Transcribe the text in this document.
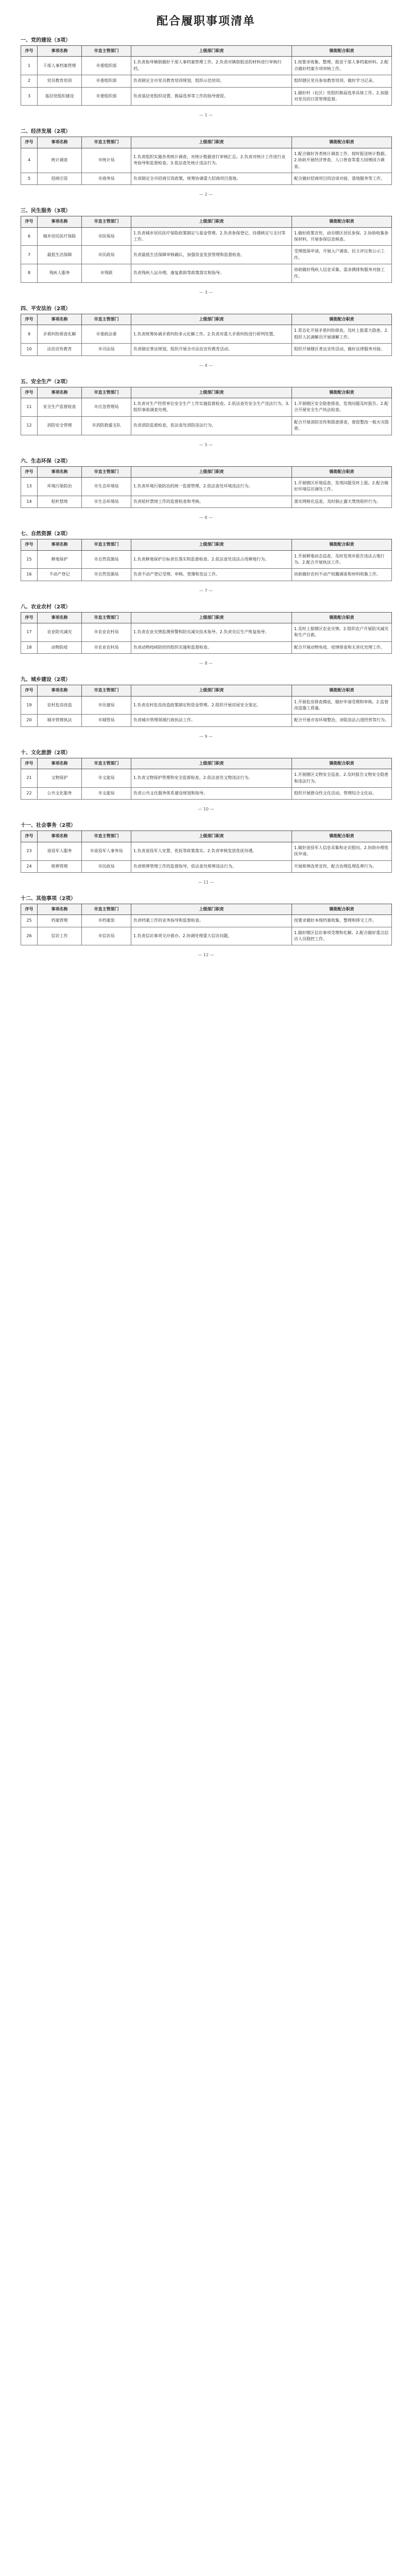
配合履职事项清单
一、党的建设（3项）
序号	事项名称	市直主管部门	上级部门职责	镇街配合职责
1	干部人事档案管理	市委组织部	1.负责指导镇街做好干部人事档案管理工作。2.负责对镇街报送的材料进行审核归档。	1.按要求收集、整理、报送干部人事档案材料。2.配合做好档案专项审核工作。
2	党员教育培训	市委组织部	负责制定全市党员教育培训规划，组织示范培训。	组织辖区党员参加教育培训，做好学习记录。
3	基层党组织建设	市委组织部	负责基层党组织设置、换届选举等工作的指导督促。	1.做好村（社区）党组织换届选举具体工作。2.加强对党员的日常管理监督。
— 1 —
二、经济发展（2项）
序号	事项名称	市直主管部门	上级部门职责	镇街配合职责
4	统计调查	市统计局	1.负责组织实施各类统计调查，对统计数据进行审核汇总。2.负责对统计工作进行业务指导和监督检查。3.依法查处统计违法行为。	1.配合做好各类统计调查工作，按时报送统计数据。2.协助开展经济普查、人口普查等重大国情国力调查。
5	招商引资	市商务局	负责制定全市招商引资政策，统筹协调重大招商项目落地。	配合做好招商项目的洽谈对接、落地服务等工作。
— 2 —
三、民生服务（3项）
序号	事项名称	市直主管部门	上级部门职责	镇街配合职责
6	城乡居民医疗保险	市医保局	1.负责城乡居民医疗保险政策制定与基金管理。2.负责参保登记、待遇核定与支付等工作。	1.做好政策宣传，动员辖区居民参保。2.协助收集参保材料，开展参保信息核查。
7	最低生活保障	市民政局	负责最低生活保障审核确认，加强资金发放管理和监督检查。	受理低保申请，开展入户调查、民主评议和公示工作。
8	残疾人服务	市残联	负责残疾人证办理、康复救助等政策落实和指导。	协助做好残疾人信息采集、需求摸排和服务对接工作。
— 3 —
四、平安法治（2项）
序号	事项名称	市直主管部门	上级部门职责	镇街配合职责
9	矛盾纠纷排查化解	市委政法委	1.负责统筹协调矛盾纠纷多元化解工作。2.负责对重大矛盾纠纷进行研判处置。	1.常态化开展矛盾纠纷排查，及时上报重大隐患。2.组织人民调解员开展调解工作。
10	法治宣传教育	市司法局	负责制定普法规划，组织开展全市法治宣传教育活动。	组织开展辖区普法宣传活动，做好法律服务对接。
— 4 —
五、安全生产（2项）
序号	事项名称	市直主管部门	上级部门职责	镇街配合职责
11	安全生产监督检查	市应急管理局	1.负责对生产经营单位安全生产工作实施监督检查。2.依法查处安全生产违法行为。3.组织事故调查处理。	1.开展辖区安全隐患排查，发现问题及时报告。2.配合开展安全生产执法检查。
12	消防安全管理	市消防救援支队	负责消防监督检查，依法查处消防违法行为。	配合开展消防宣传和隐患排查，督促整改一般火灾隐患。
— 5 —
六、生态环保（2项）
序号	事项名称	市直主管部门	上级部门职责	镇街配合职责
13	环境污染防治	市生态环境局	1.负责环境污染防治的统一监督管理。2.依法查处环境违法行为。	1.开展辖区环境巡查，发现问题及时上报。2.配合做好环境信访调处工作。
14	秸秆禁烧	市生态环境局	负责秸秆禁烧工作的监督检查和考核。	落实网格化巡查，及时制止露天焚烧秸秆行为。
— 6 —
七、自然资源（2项）
序号	事项名称	市直主管部门	上级部门职责	镇街配合职责
15	耕地保护	市自然资源局	1.负责耕地保护目标责任落实和监督检查。2.依法查处违法占用耕地行为。	1.开展耕地动态巡查，及时发现并报告违法占地行为。2.配合开展执法工作。
16	不动产登记	市自然资源局	负责不动产登记受理、审核、登簿和发证工作。	协助做好农村不动产权籍调查和材料收集工作。
— 7 —
八、农业农村（2项）
序号	事项名称	市直主管部门	上级部门职责	镇街配合职责
17	农业防灾减灾	市农业农村局	1.负责农业灾情监测预警和防灾减灾技术指导。2.负责灾后生产恢复指导。	1.及时上报辖区农业灾情。2.组织农户开展防灾减灾和生产自救。
18	动物防疫	市农业农村局	负责动物疫病防控的组织实施和监督检查。	配合开展动物免疫、疫情排查和无害化处理工作。
— 8 —
九、城乡建设（2项）
序号	事项名称	市直主管部门	上级部门职责	镇街配合职责
19	农村危房改造	市住建局	1.负责农村危房改造政策制定和资金管理。2.组织开展房屋安全鉴定。	1.开展危房排查摸底，做好申请受理和审核。2.监督改造施工质量。
20	城市管理执法	市城管局	负责城市管理领域行政执法工作。	配合开展市容环境整治，劝阻违法占道经营等行为。
— 9 —
十、文化旅游（2项）
序号	事项名称	市直主管部门	上级部门职责	镇街配合职责
21	文物保护	市文旅局	1.负责文物保护管理和安全监督检查。2.依法查处文物违法行为。	1.开展辖区文物安全巡查。2.及时报告文物安全隐患和违法行为。
22	公共文化服务	市文旅局	负责公共文化服务体系建设规划和指导。	组织开展群众性文化活动，管理综合文化站。
— 10 —
十一、社会事务（2项）
序号	事项名称	市直主管部门	上级部门职责	镇街配合职责
23	退役军人服务	市退役军人事务局	1.负责退役军人安置、优抚等政策落实。2.负责审核发放优抚待遇。	1.做好退役军人信息采集和走访慰问。2.协助办理优抚申请。
24	殡葬管理	市民政局	负责殡葬管理工作的监督指导，依法查处殡葬违法行为。	开展殡葬改革宣传，配合治理乱埋乱葬行为。
— 11 —
十二、其他事项（2项）
序号	事项名称	市直主管部门	上级部门职责	镇街配合职责
25	档案管理	市档案馆	负责档案工作的业务指导和监督检查。	按要求做好本级档案收集、整理和移交工作。
26	信访工作	市信访局	1.负责信访事项交办督办。2.协调处理重大信访问题。	1.做好辖区信访事项受理和化解。2.配合做好重点信访人员稳控工作。
— 12 —
